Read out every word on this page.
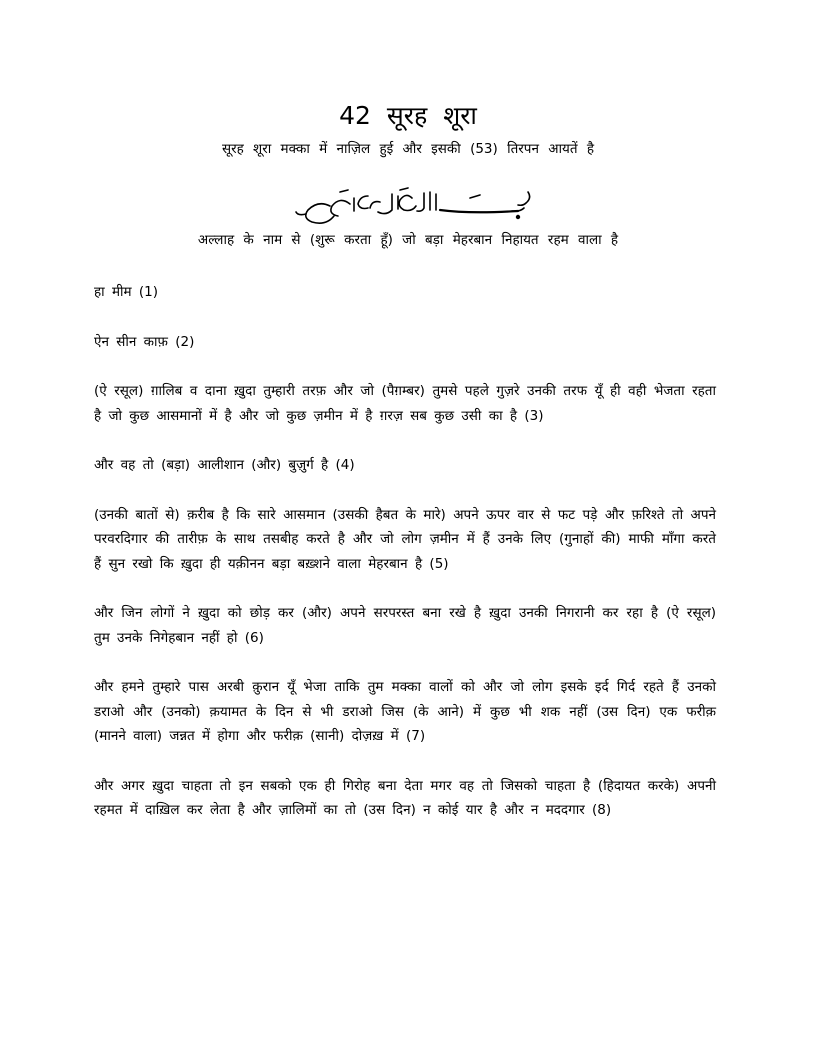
42 सूरह शूरा
सूरह शूरा मक्का में नाज़िल हुई और इसकी (53) तिरपन आयतें है
अल्लाह के नाम से (शुरू करता हूँ) जो बड़ा मेहरबान निहायत रहम वाला है

हा मीम (1)

ऐन सीन काफ़ (2)

(ऐ रसूल) ग़ालिब व दाना ख़ुदा तुम्हारी तरफ़ और जो (पैग़म्बर) तुमसे पहले गुज़रे उनकी तरफ यूँ ही वही भेजता रहता है जो कुछ आसमानों में है और जो कुछ ज़मीन में है ग़रज़ सब कुछ उसी का है (3)

और वह तो (बड़ा) आलीशान (और) बुज़ुर्ग है (4)

(उनकी बातों से) क़रीब है कि सारे आसमान (उसकी हैबत के मारे) अपने ऊपर वार से फट पड़े और फ़रिश्ते तो अपने परवरदिगार की तारीफ़ के साथ तसबीह करते है और जो लोग ज़मीन में हैं उनके लिए (गुनाहों की) माफी माँगा करते हैं सुन रखो कि ख़ुदा ही यक़ीनन बड़ा बख़्शने वाला मेहरबान है (5)

और जिन लोगों ने ख़ुदा को छोड़ कर (और) अपने सरपरस्त बना रखे है ख़ुदा उनकी निगरानी कर रहा है (ऐ रसूल) तुम उनके निगेहबान नहीं हो (6)

और हमने तुम्हारे पास अरबी क़ुरान यूँ भेजा ताकि तुम मक्का वालों को और जो लोग इसके इर्द गिर्द रहते हैं उनको डराओ और (उनको) क़यामत के दिन से भी डराओ जिस (के आने) में कुछ भी शक नहीं (उस दिन) एक फरीक़ (मानने वाला) जन्नत में होगा और फरीक़ (सानी) दोज़ख़ में (7)

और अगर ख़ुदा चाहता तो इन सबको एक ही गिरोह बना देता मगर वह तो जिसको चाहता है (हिदायत करके) अपनी रहमत में दाख़िल कर लेता है और ज़ालिमों का तो (उस दिन) न कोई यार है और न मददगार (8)
